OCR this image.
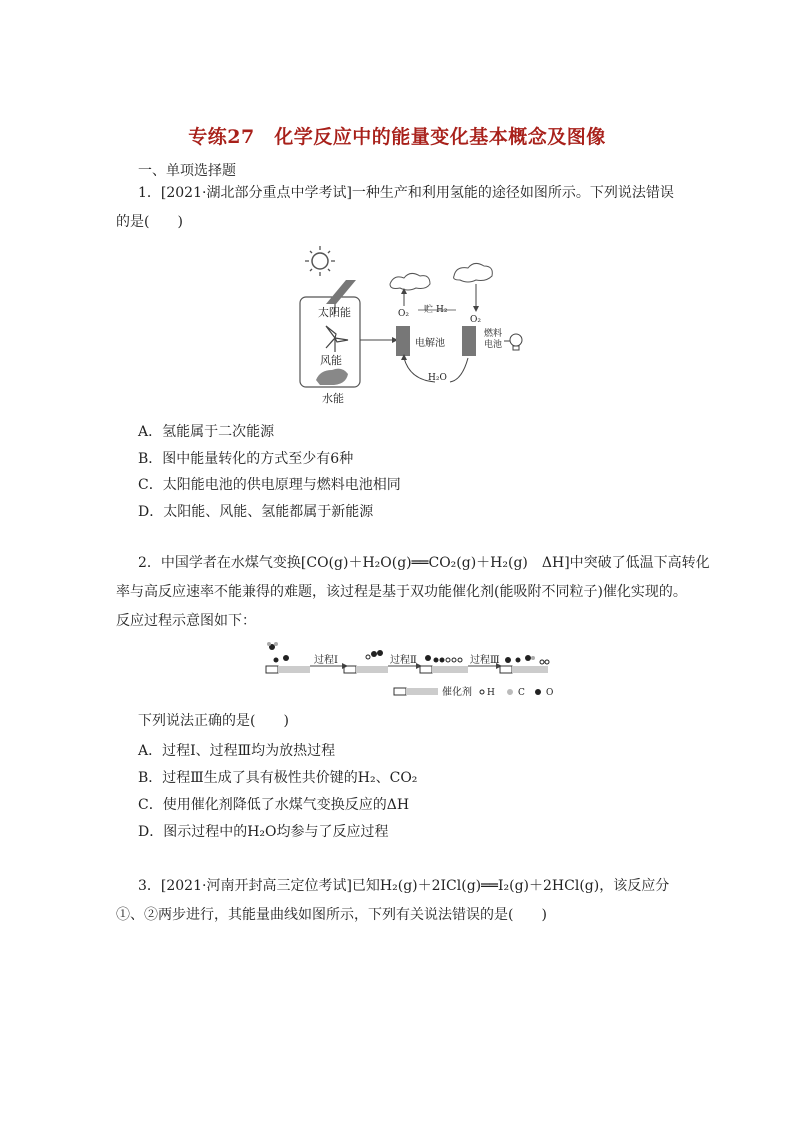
专练27　化学反应中的能量变化基本概念及图像
一、单项选择题
1．[2021·湖北部分重点中学考试]一种生产和利用氢能的途径如图所示。下列说法错误
的是(　　)
太阳能
风能
水能
O₂ 贮 H₂
O₂
电解池
燃料
电池
H₂O
A．氢能属于二次能源
B．图中能量转化的方式至少有6种
C．太阳能电池的供电原理与燃料电池相同
D．太阳能、风能、氢能都属于新能源
2．中国学者在水煤气变换[CO(g)＋H₂O(g)══CO₂(g)＋H₂(g)　ΔH]中突破了低温下高转化
率与高反应速率不能兼得的难题，该过程是基于双功能催化剂(能吸附不同粒子)催化实现的。
反应过程示意图如下：
过程Ⅰ	过程Ⅱ	过程Ⅲ
催化剂 H	C O
下列说法正确的是(　　)
A．过程Ⅰ、过程Ⅲ均为放热过程
B．过程Ⅲ生成了具有极性共价键的H₂、CO₂
C．使用催化剂降低了水煤气变换反应的ΔH
D．图示过程中的H₂O均参与了反应过程
3．[2021·河南开封高三定位考试]已知H₂(g)＋2ICl(g)══I₂(g)＋2HCl(g)，该反应分
①、②两步进行，其能量曲线如图所示，下列有关说法错误的是(　　)
